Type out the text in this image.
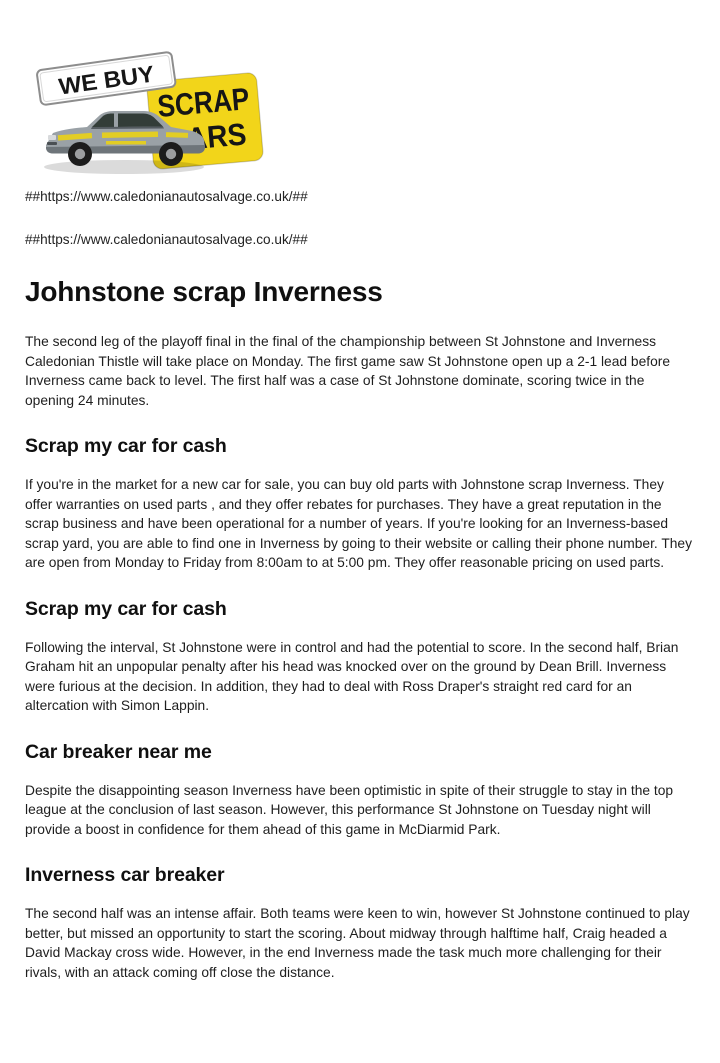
SCRAP
CARS
WE BUY

##https://www.caledonianautosalvage.co.uk/##

##https://www.caledonianautosalvage.co.uk/##

Johnstone scrap Inverness

The second leg of the playoff final in the final of the championship between St Johnstone and Inverness Caledonian Thistle will take place on Monday. The first game saw St Johnstone open up a 2-1 lead before Inverness came back to level. The first half was a case of St Johnstone dominate, scoring twice in the opening 24 minutes.

Scrap my car for cash

If you're in the market for a new car for sale, you can buy old parts with Johnstone scrap Inverness. They offer warranties on used parts , and they offer rebates for purchases. They have a great reputation in the scrap business and have been operational for a number of years. If you're looking for an Inverness-based scrap yard, you are able to find one in Inverness by going to their website or calling their phone number. They are open from Monday to Friday from 8:00am to at 5:00 pm. They offer reasonable pricing on used parts.

Scrap my car for cash

Following the interval, St Johnstone were in control and had the potential to score. In the second half, Brian Graham hit an unpopular penalty after his head was knocked over on the ground by Dean Brill. Inverness were furious at the decision. In addition, they had to deal with Ross Draper's straight red card for an altercation with Simon Lappin.

Car breaker near me

Despite the disappointing season Inverness have been optimistic in spite of their struggle to stay in the top league at the conclusion of last season. However, this performance St Johnstone on Tuesday night will provide a boost in confidence for them ahead of this game in McDiarmid Park.

Inverness car breaker

The second half was an intense affair. Both teams were keen to win, however St Johnstone continued to play better, but missed an opportunity to start the scoring. About midway through halftime half, Craig headed a David Mackay cross wide. However, in the end Inverness made the task much more challenging for their rivals, with an attack coming off close the distance.
